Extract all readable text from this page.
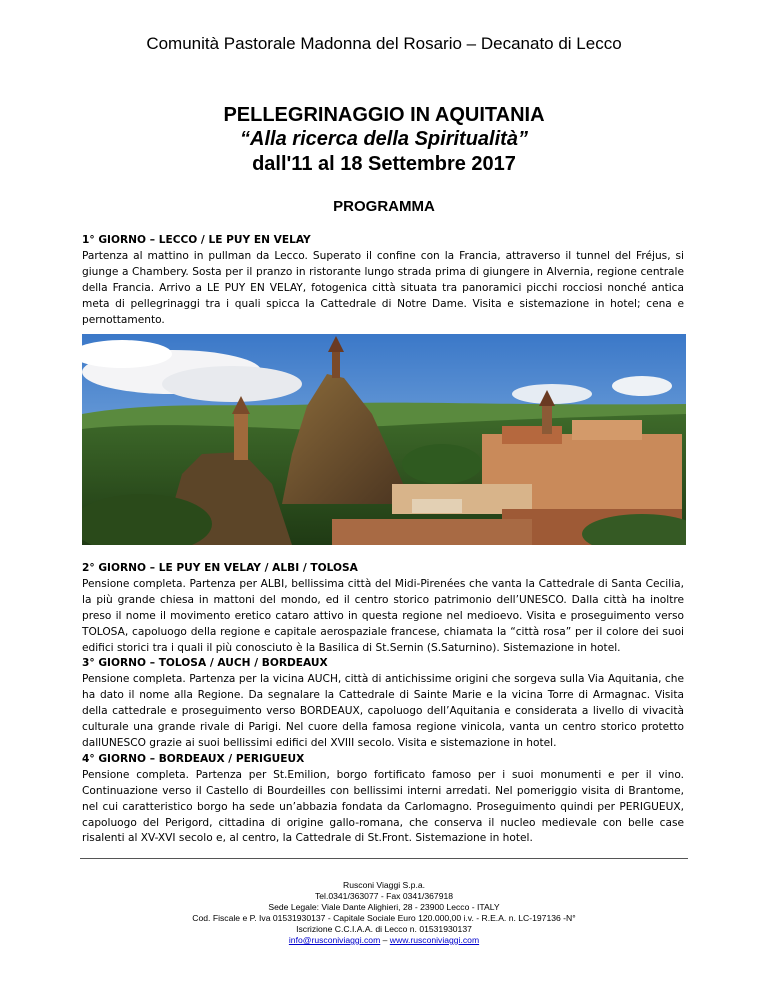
Comunità Pastorale Madonna del Rosario – Decanato di Lecco
PELLEGRINAGGIO IN AQUITANIA
“Alla ricerca della Spiritualità”
dall'11 al 18 Settembre 2017
PROGRAMMA
1° GIORNO – LECCO / LE PUY EN VELAY

Partenza al mattino in pullman da Lecco. Superato il confine con la Francia, attraverso il tunnel del Fréjus, si giunge a Chambery. Sosta per il pranzo in ristorante lungo strada prima di giungere in Alvernia, regione centrale della Francia. Arrivo a LE PUY EN VELAY, fotogenica città situata tra panoramici picchi rocciosi nonché antica meta di pellegrinaggi tra i quali spicca la Cattedrale di Notre Dame. Visita e sistemazione in hotel; cena e pernottamento.

2° GIORNO – LE PUY EN VELAY / ALBI / TOLOSA

Pensione completa. Partenza per ALBI, bellissima città del Midi-Pirenées che vanta la Cattedrale di Santa Cecilia, la più grande chiesa in mattoni del mondo, ed il centro storico patrimonio dell’UNESCO. Dalla città ha inoltre preso il nome il movimento eretico cataro attivo in questa regione nel medioevo. Visita e proseguimento verso TOLOSA, capoluogo della regione e capitale aerospaziale francese, chiamata la “città rosa” per il colore dei suoi edifici storici tra i quali il più conosciuto è la Basilica di St.Sernin (S.Saturnino). Sistemazione in hotel.

3° GIORNO – TOLOSA / AUCH / BORDEAUX

Pensione completa. Partenza per la vicina AUCH, città di antichissime origini che sorgeva sulla Via Aquitania, che ha dato il nome alla Regione. Da segnalare la Cattedrale di Sainte Marie e la vicina Torre di Armagnac. Visita della cattedrale e proseguimento verso BORDEAUX, capoluogo dell’Aquitania e considerata a livello di vivacità culturale una grande rivale di Parigi. Nel cuore della famosa regione vinicola, vanta un centro storico protetto dallUNESCO grazie ai suoi bellissimi edifici del XVIII secolo. Visita e sistemazione in hotel.

4° GIORNO – BORDEAUX / PERIGUEUX

Pensione completa. Partenza per St.Emilion, borgo fortificato famoso per i suoi monumenti e per il vino. Continuazione verso il Castello di Bourdeilles con bellissimi interni arredati. Nel pomeriggio visita di Brantome, nel cui caratteristico borgo ha sede un’abbazia fondata da Carlomagno. Proseguimento quindi per PERIGUEUX, capoluogo del Perigord, cittadina di origine gallo-romana, che conserva il nucleo medievale con belle case risalenti al XV-XVI secolo e, al centro, la Cattedrale di St.Front. Sistemazione in hotel.

Rusconi Viaggi S.p.a.
Tel.0341/363077 - Fax 0341/367918
Sede Legale: Viale Dante Alighieri, 28 - 23900 Lecco - ITALY
Cod. Fiscale e P. Iva 01531930137 - Capitale Sociale Euro 120.000,00 i.v. - R.E.A. n. LC-197136 -N°
Iscrizione C.C.I.A.A. di Lecco n. 01531930137
info@rusconiviaggi.com – www.rusconiviaggi.com
